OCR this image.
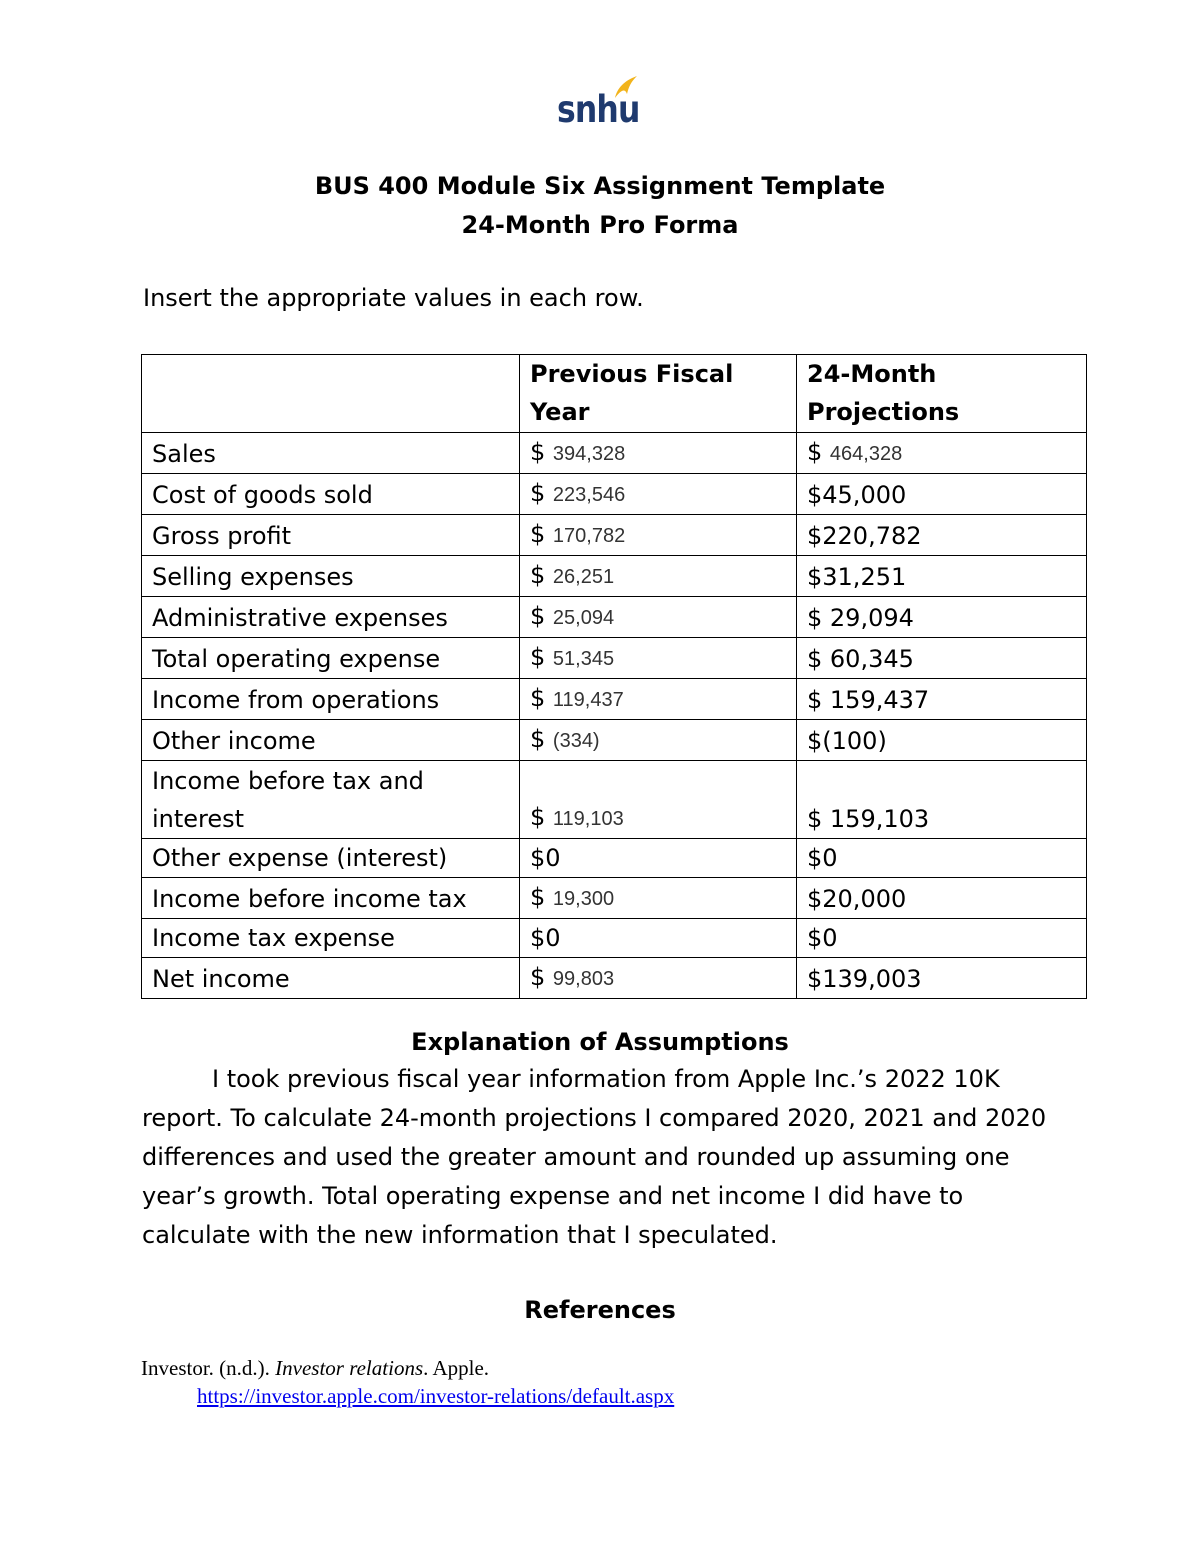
snhu
BUS 400 Module Six Assignment Template
24-Month Pro Forma
Insert the appropriate values in each row.
	Previous Fiscal Year	24-Month Projections
Sales	$ 394,328	$ 464,328
Cost of goods sold	$ 223,546	$45,000
Gross profit	$ 170,782	$220,782
Selling expenses	$ 26,251	$31,251
Administrative expenses	$ 25,094	$ 29,094
Total operating expense	$ 51,345	$ 60,345
Income from operations	$ 119,437	$ 159,437
Other income	$ (334)	$(100)
Income before tax and interest	$ 119,103	$ 159,103
Other expense (interest)	$0	$0
Income before income tax	$ 19,300	$20,000
Income tax expense	$0	$0
Net income	$ 99,803	$139,003
Explanation of Assumptions
I took previous fiscal year information from Apple Inc.’s 2022 10K report. To calculate 24-month projections I compared 2020, 2021 and 2020 differences and used the greater amount and rounded up assuming one year’s growth. Total operating expense and net income I did have to calculate with the new information that I speculated.
References
Investor. (n.d.). Investor relations. Apple.
https://investor.apple.com/investor-relations/default.aspx
